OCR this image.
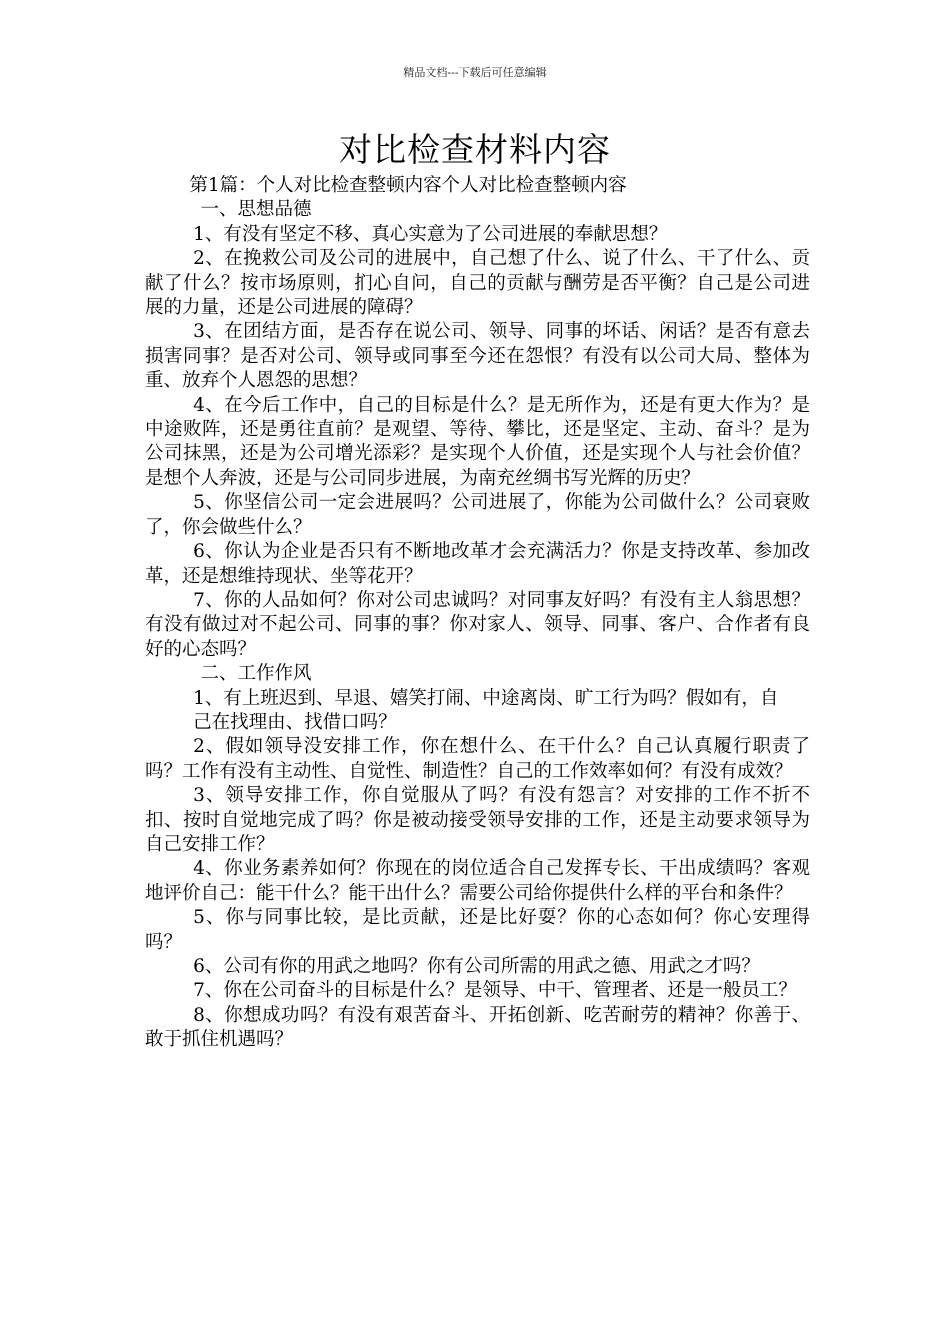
精品文档---下载后可任意编辑
对比检查材料内容

第1篇：个人对比检查整顿内容个人对比检查整顿内容

一、思想品德

1、有没有坚定不移、真心实意为了公司进展的奉献思想？

2、在挽救公司及公司的进展中，自己想了什么、说了什么、干了什么、贡献了什么？按市场原则，扪心自问，自己的贡献与酬劳是否平衡？自己是公司进展的力量，还是公司进展的障碍？

3、在团结方面，是否存在说公司、领导、同事的坏话、闲话？是否有意去损害同事？是否对公司、领导或同事至今还在怨恨？有没有以公司大局、整体为重、放弃个人恩怨的思想？

4、在今后工作中，自己的目标是什么？是无所作为，还是有更大作为？是中途败阵，还是勇往直前？是观望、等待、攀比，还是坚定、主动、奋斗？是为公司抹黑，还是为公司增光添彩？是实现个人价值，还是实现个人与社会价值？是想个人奔波，还是与公司同步进展，为南充丝绸书写光辉的历史？

5、你坚信公司一定会进展吗？公司进展了，你能为公司做什么？公司衰败了，你会做些什么？

6、你认为企业是否只有不断地改革才会充满活力？你是支持改革、参加改革，还是想维持现状、坐等花开？

7、你的人品如何？你对公司忠诚吗？对同事友好吗？有没有主人翁思想？有没有做过对不起公司、同事的事？你对家人、领导、同事、客户、合作者有良好的心态吗？

二、工作作风

1、有上班迟到、早退、嬉笑打闹、中途离岗、旷工行为吗？假如有，自

己在找理由、找借口吗？

2、假如领导没安排工作，你在想什么、在干什么？自己认真履行职责了吗？工作有没有主动性、自觉性、制造性？自己的工作效率如何？有没有成效？

3、领导安排工作，你自觉服从了吗？有没有怨言？对安排的工作不折不扣、按时自觉地完成了吗？你是被动接受领导安排的工作，还是主动要求领导为自己安排工作？

4、你业务素养如何？你现在的岗位适合自己发挥专长、干出成绩吗？客观地评价自己：能干什么？能干出什么？需要公司给你提供什么样的平台和条件？

5、你与同事比较，是比贡献，还是比好耍？你的心态如何？你心安理得吗？

6、公司有你的用武之地吗？你有公司所需的用武之德、用武之才吗？

7、你在公司奋斗的目标是什么？是领导、中干、管理者、还是一般员工？

8、你想成功吗？有没有艰苦奋斗、开拓创新、吃苦耐劳的精神？你善于、敢于抓住机遇吗？
